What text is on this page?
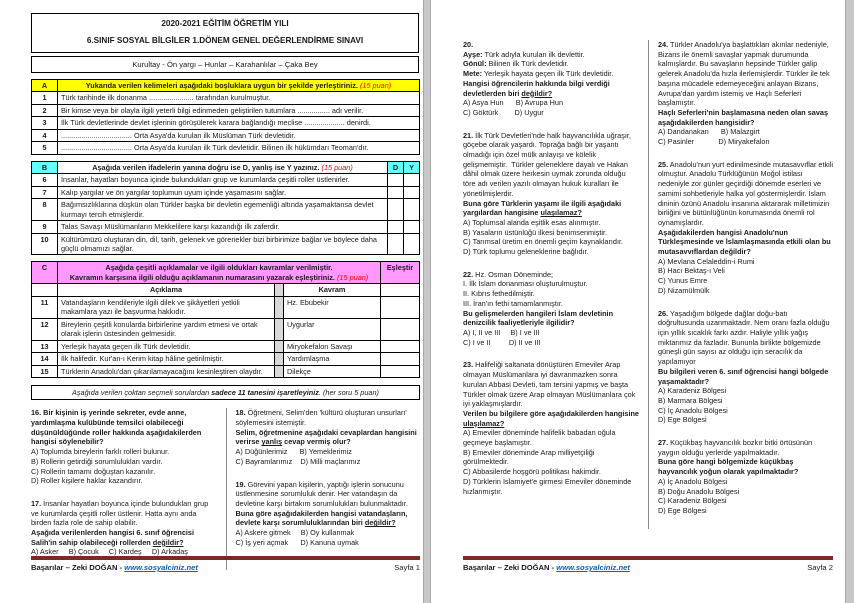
2020-2021 EĞİTİM ÖĞRETİM YILI
6.SINIF SOSYAL BİLGİLER 1.DÖNEM GENEL DEĞERLENDİRME SINAVI
Kurultay - Ön yargı – Hunlar – Karahanlılar – Çaka Bey
A	Yukarıda verilen kelimeleri aşağıdaki boşluklara uygun bir şekilde yerleştiriniz. (15 puan)
1	Türk tarihinde ilk donanma ...................... tarafından kurulmuştur.
2	Bir kimse veya bir olayla ilgili yeterli bilgi edinmeden geliştirilen tutumlara ................ adı verilir.
3	İlk Türk devletlerinde devlet işlerinin görüşülerek karara bağlandığı meclise .................... denirdi.
4	................................... Orta Asya'da kurulan ilk Müslüman Türk devletidir.
5	................................... Orta Asya'da kurulan ilk Türk devletidir. Bilinen ilk hükümdarı Teoman'dır.
B	Aşağıda verilen ifadelerin yanına doğru ise D, yanlış ise Y yazınız. (15 puan)	D	Y
6	İnsanlar, hayatları boyunca içinde bulundukları grup ve kurumlarda çeşitli roller üstlenirler.		
7	Kalıp yargılar ve ön yargılar toplumun uyum içinde yaşamasını sağlar.		
8	Bağımsızlıklarına düşkün olan Türkler başka bir devletin egemenliği altında yaşamaktansa devlet kurmayı tercih etmişlerdir.		
9	Talas Savaşı Müslümanların Mekkelilere karşı kazandığı ilk zaferdir.		
10	Kültürümüzü oluşturan din, dil, tarih, gelenek ve görenekler bizi birbirimize bağlar ve böylece daha güçlü olmamızı sağlar.		
C	Aşağıda çeşitli açıklamalar ve ilgili oldukları kavramlar verilmiştir.
Kavramın karşısına ilgili olduğu açıklamanın numarasını yazarak eşleştiriniz. (15 puan)			Eşleştir
	Açıklama		Kavram	
11	Vatandaşların kendileriyle ilgili dilek ve şikâyetleri yetkili makamlara yazı ile başvurma hakkıdır.		Hz. Ebubekir	
12	Bireylerin çeşitli konularda birbirlerine yardım etmesi ve ortak olarak işlerin üstesinden gelmesidir.		Uygurlar	
13	Yerleşik hayata geçen ilk Türk devletidir.		Miryokefalon Savaşı	
14	İlk halifedir. Kur'an-ı Kerim kitap hâline getirilmiştir.		Yardımlaşma	
15	Türklerin Anadolu'dan çıkarılamayacağını kesinleştiren olaydır.		Dilekçe	
Aşağıda verilen çoktan seçmeli sorulardan sadece 11 tanesini işaretleyiniz. (her soru 5 puan)
16. Bir kişinin iş yerinde sekreter, evde anne, yardımlaşma kulübünde temsilci olabileceği düşünüldüğünde roller hakkında aşağıdakilerden hangisi söylenebilir?
A) Toplumda bireylerin farklı rolleri bulunur.
B) Rollerin getirdiği sorumlulukları vardır.
C) Rollerin tamamı doğuştan kazanılır.
D) Roller kişilere haklar kazandırır.
17. İnsanlar hayatları boyunca içinde bulundukları grup ve kurumlarda çeşitli roller üstlenir. Hatta aynı anda birden fazla role de sahip olabilir.
Aşağıda verilenlerden hangisi 6. sınıf öğrencisi Salih'in sahip olabileceği rollerden değildir?
A) Asker     B) Çocuk     C) Kardeş     D) Arkadaş
18. Öğretmeni, Selim'den 'kültürü oluşturan unsurları' söylemesini istemiştir.
Selim, öğretmenine aşağıdaki cevaplardan hangisini verirse yanlış cevap vermiş olur?
A) Düğünlerimiz      B) Yemeklerimiz
C) Bayramlarımız    D) Milli maçlarımız
19. Görevini yapan kişilerin, yaptığı işlerin sonucunu üstlenmesine sorumluluk denir. Her vatandaşın da devletine karşı birtakım sorumlulukları bulunmaktadır.
Buna göre aşağıdakilerden hangisi vatandaşların, devlete karşı sorumluluklarından biri değildir?
A) Askere gitmek     B) Oy kullanmak
C) İş yeri açmak      D) Kanuna uymak
Başarılar – Zeki DOĞAN - www.sosyalciniz.net	Sayfa 1
20.
Ayşe: Türk adıyla kurulan ilk devlettir.
Gönül: Bilinen ilk Türk devletidir.
Mete: Yerleşik hayata geçen ilk Türk devletidir.
Hangisi öğrencilerin hakkında bilgi verdiği devletlerden biri değildir?
A) Asya Hun      B) Avrupa Hun
C) Göktürk        D) Uygur
21. İlk Türk Devletleri'nde halk hayvancılıkla uğraşır, göçebe olarak yaşardı. Toprağa bağlı bir yaşantı olmadığı için özel mülk anlayışı ve kölelik gelişmemiştir.  Türkler geleneklere dayalı ve Hakan dâhil olmak üzere herkesin uymak zorunda olduğu töre adı verilen yazılı olmayan hukuk kuralları ile yönetilmişlerdir.
Buna göre Türklerin yaşamı ile ilgili aşağıdaki yargılardan hangisine ulaşılamaz?
A) Toplumsal alanda eşitlik esas alınmıştır.
B) Yasaların üstünlüğü ilkesi benimsenmiştir.
C) Tarımsal üretim en önemli geçim kaynaklarıdır.
D) Türk toplumu geleneklerine bağlıdır.
22. Hz. Osman Döneminde;
I. İlk İslam donanması oluşturulmuştur.
II. Kıbrıs fethedilmiştir.
III. İran'ın fethi tamamlanmıştır.
Bu gelişmelerden hangileri İslam devletinin denizcilik faaliyetleriyle ilgilidir?
A) I, II ve III     B) I ve III
C) I ve II         D) II ve III
23. Halifeliği saltanata dönüştüren Emeviler Arap olmayan Müslümanlara iyi davranmazken sonra kurulan Abbasi Devleti, tam tersini yapmış ve başta Türkler olmak üzere Arap olmayan Müslümanlara çok iyi yaklaşmışlardır.
Verilen bu bilgilere göre aşağıdakilerden hangisine ulaşılamaz?
A) Emeviler döneminde halifelik babadan oğula geçmeye başlamıştır.
B) Emeviler döneminde Arap milliyetçiliği görülmektedir.
C) Abbasilerde hoşgörü politikası hakimdir.
D) Türklerin İslamiyet'e girmesi Emeviler döneminde hızlanmıştır.
24. Türkler Anadolu'ya başlattıkları akınlar nedeniyle, Bizans ile önemli savaşlar yapmak durumunda kalmışlardır. Bu savaşların hepsinde Türkler galip gelerek Anadolu'da hızla ilerlemişlerdir. Türkler ile tek başına mücadele edemeyeceğini anlayan Bizans, Avrupa'dan yardım istemiş ve Haçlı Seferleri başlamıştır.
Haçlı Seferleri'nin başlamasına neden olan savaş aşağıdakilerden hangisidir?
A) Dandanakan      B) Malazgirt
C) Pasinler            D) Miryakefalon
25. Anadolu'nun yurt edinilmesinde mutasavvıflar etkili olmuştur. Anadolu Türklüğünün Moğol istilası nedeniyle zor günler geçirdiği dönemde eserleri ve samimi sohbetleriyle halka yol göstermişlerdir. İslam dininin özünü Anadolu insanına aktararak milletimizin birliğini ve bütünlüğünün korumasında önemli rol oynamışlardır.
Aşağıdakilerden hangisi Anadolu'nun Türkleşmesinde ve İslamlaşmasında etkili olan bu mutasavvıflardan değildir?
A) Mevlana Celaleddin-i Rumi
B) Hacı Bektaş-ı Veli
C) Yunus Emre
D) Nizamülmülk
26. Yaşadığım bölgede dağlar doğu-batı doğrultusunda uzanmaktadır. Nem oranı fazla olduğu için yıllık sıcaklık farkı azdır. Haliyle yıllık yağış miktarımız da fazladır. Bununla birlikte bölgemizde güneşli gün sayısı az olduğu için seracılık da yapılamıyor
Bu bilgileri veren 6. sınıf öğrencisi hangi bölgede yaşamaktadır?
A) Karadeniz Bölgesi
B) Marmara Bölgesi
C) İç Anadolu Bölgesi
D) Ege Bölgesi
27. Küçükbaş hayvancılık bozkır bitki örtüsünün yaygın olduğu yerlerde yapılmaktadır.
Buna göre hangi bölgemizde küçükbaş hayvancılık yoğun olarak yapılmaktadır?
A) İç Anadolu Bölgesi
B) Doğu Anadolu Bölgesi
C) Karadeniz Bölgesi
D) Ege Bölgesi
Başarılar – Zeki DOĞAN - www.sosyalciniz.net	Sayfa 2
